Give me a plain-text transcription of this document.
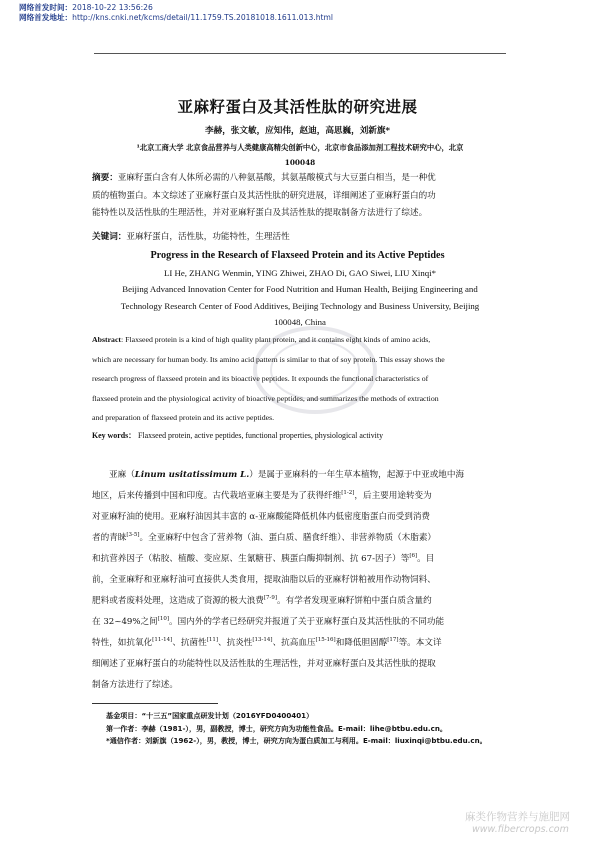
网络首发时间：2018-10-22 13:56:26
网络首发地址：http://kns.cnki.net/kcms/detail/11.1759.TS.20181018.1611.013.html
亚麻籽蛋白及其活性肽的研究进展
李赫，张文敏，应知伟，赵迪，高思巍，刘新旗*
¹北京工商大学 北京食品营养与人类健康高精尖创新中心，北京市食品添加剂工程技术研究中心，北京
100048
摘要：亚麻籽蛋白含有人体所必需的八种氨基酸，其氨基酸模式与大豆蛋白相当，是一种优
质的植物蛋白。本文综述了亚麻籽蛋白及其活性肽的研究进展，详细阐述了亚麻籽蛋白的功
能特性以及活性肽的生理活性，并对亚麻籽蛋白及其活性肽的提取制备方法进行了综述。
关键词：亚麻籽蛋白，活性肽，功能特性，生理活性
Progress in the Research of Flaxseed Protein and its Active Peptides
LI He, ZHANG Wenmin, YING Zhiwei, ZHAO Di, GAO Siwei, LIU Xinqi*
Beijing Advanced Innovation Center for Food Nutrition and Human Health, Beijing Engineering and
Technology Research Center of Food Additives, Beijing Technology and Business University, Beijing
100048, China
Abstract: Flaxseed protein is a kind of high quality plant protein, and it contains eight kinds of amino acids,
which are necessary for human body. Its amino acid pattern is similar to that of soy protein. This essay shows the
research progress of flaxseed protein and its bioactive peptides. It expounds the functional characteristics of
flaxseed protein and the physiological activity of bioactive peptides, and summarizes the methods of extraction
and preparation of flaxseed protein and its active peptides.
Key words： Flaxseed protein, active peptides, functional properties, physiological activity
亚麻（Linum usitatissimum L.）是属于亚麻科的一年生草本植物，起源于中亚或地中海
地区，后来传播到中国和印度。古代栽培亚麻主要是为了获得纤维[1-2]，后主要用途转变为
对亚麻籽油的使用。亚麻籽油因其丰富的 α-亚麻酸能降低机体内低密度脂蛋白而受到消费
者的青睐[3-5]。全亚麻籽中包含了营养物（油、蛋白质、膳食纤维）、非营养物质（木脂素）
和抗营养因子（粘胶、植酸、变应原、生氰糖苷、胰蛋白酶抑制剂、抗 67-因子）等[6]。目
前，全亚麻籽和亚麻籽油可直接供人类食用，提取油脂以后的亚麻籽饼粕被用作动物饲料、
肥料或者废料处理，这造成了资源的极大浪费[7-9]。有学者发现亚麻籽饼粕中蛋白质含量约
在 32~49%之间[10]。国内外的学者已经研究并报道了关于亚麻籽蛋白及其活性肽的不同功能
特性，如抗氧化[11-14]、抗菌性[11]、抗炎性[13-14]、抗高血压[15-16]和降低胆固醇[17]等。本文详
细阐述了亚麻籽蛋白的功能特性以及活性肽的生理活性，并对亚麻籽蛋白及其活性肽的提取
制备方法进行了综述。
基金项目：“十三五”国家重点研发计划（2016YFD0400401）
第一作者：李赫（1981-），男，副教授，博士，研究方向为功能性食品。E-mail：lihe@btbu.edu.cn。
*通信作者：刘新旗（1962-），男，教授，博士，研究方向为蛋白质加工与利用。E-mail：liuxinqi@btbu.edu.cn。
麻类作物营养与施肥网
www.fibercrops.com
